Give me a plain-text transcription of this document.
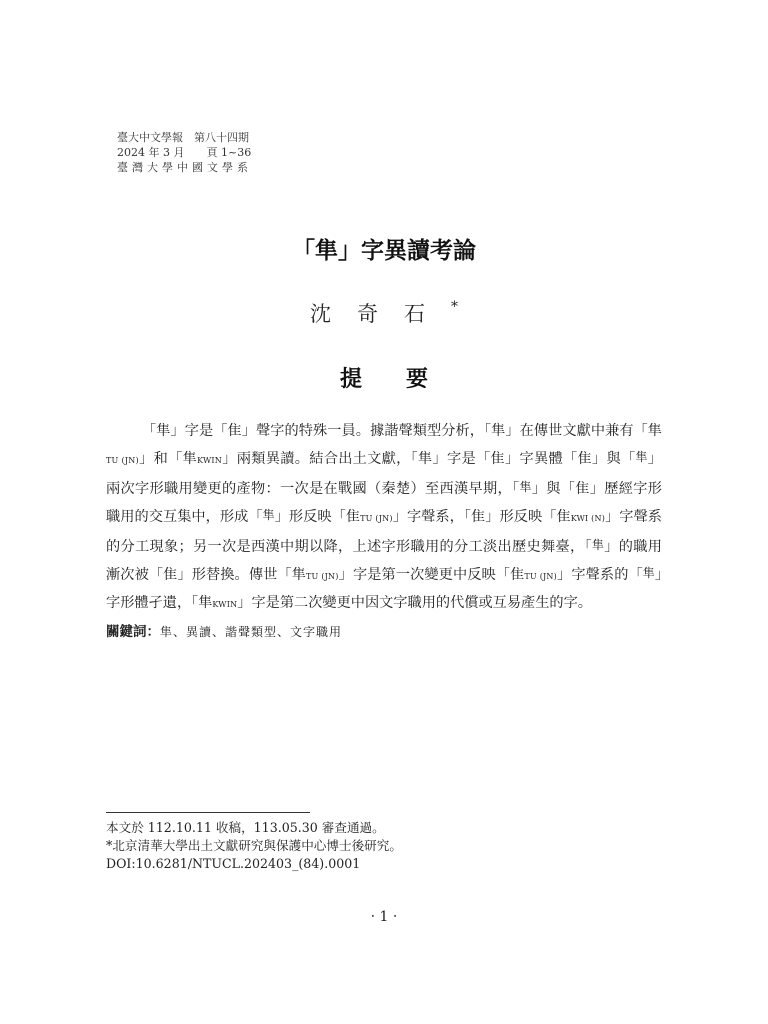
臺大中文學報　第八十四期
2024 年 3 月　　頁 1~36
臺灣大學中國文學系
「隼」字異讀考論
沈奇石*
提要

「隼」字是「隹」聲字的特殊一員。據諧聲類型分析，「隼」在傳世文獻中兼有「隼TU (JN)」和「隼KWIN」兩類異讀。結合出土文獻，「隼」字是「隹」字異體「隹」與「隼」兩次字形職用變更的產物：一次是在戰國（秦楚）至西漢早期，「隼」與「隹」歷經字形職用的交互集中，形成「隼」形反映「隹TU (JN)」字聲系，「隹」形反映「隹KWI (N)」字聲系的分工現象；另一次是西漢中期以降，上述字形職用的分工淡出歷史舞臺，「隼」的職用漸次被「隹」形替換。傳世「隼TU (JN)」字是第一次變更中反映「隹TU (JN)」字聲系的「隼」字形體孑遺，「隼KWIN」字是第二次變更中因文字職用的代償或互易產生的字。

關鍵詞：隼、異讀、諧聲類型、文字職用
本文於 112.10.11 收稿，113.05.30 審查通過。
*北京清華大學出土文獻研究與保護中心博士後研究。
DOI:10.6281/NTUCL.202403_(84).0001
‧ 1 ‧
